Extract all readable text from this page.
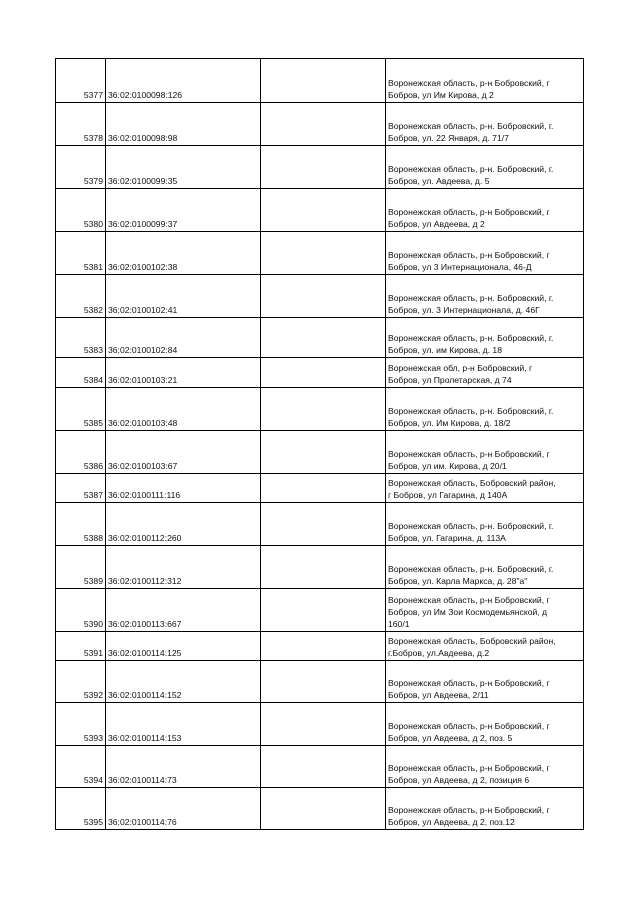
5377	36:02:0100098:126		Воронежская область, р-н Бобровский, г
Бобров, ул Им Кирова, д 2
5378	36:02:0100098:98		Воронежская область, р-н. Бобровский, г.
Бобров, ул. 22 Января, д. 71/7
5379	36:02:0100099:35		Воронежская область, р-н. Бобровский, г.
Бобров, ул. Авдеева, д. 5
5380	36:02:0100099:37		Воронежская область, р-н Бобровский, г
Бобров, ул Авдеева, д 2
5381	36:02:0100102:38		Воронежская область, р-н Бобровский, г
Бобров, ул 3 Интернационала, 46-Д
5382	36:02:0100102:41		Воронежская область, р-н. Бобровский, г.
Бобров, ул. 3 Интернационала, д. 46Г
5383	36:02:0100102:84		Воронежская область, р-н. Бобровский, г.
Бобров, ул. им Кирова, д. 18
5384	36:02:0100103:21		Воронежская обл, р-н Бобровский, г
Бобров, ул Пролетарская, д 74
5385	36:02:0100103:48		Воронежская область, р-н. Бобровский, г.
Бобров, ул. Им Кирова, д. 18/2
5386	36:02:0100103:67		Воронежская область, р-н Бобровский, г
Бобров, ул им. Кирова, д 20/1
5387	36:02:0100111:116		Воронежская область, Бобровский район,
г Бобров, ул Гагарина, д 140А
5388	36:02:0100112:260		Воронежская область, р-н. Бобровский, г.
Бобров, ул. Гагарина, д. 113А
5389	36:02:0100112:312		Воронежская область, р-н. Бобровский, г.
Бобров, ул. Карла Маркса, д. 28"а"
5390	36:02:0100113:667		Воронежская область, р-н Бобровский, г
Бобров, ул Им Зои Космодемьянской, д
160/1
5391	36:02:0100114:125		Воронежская область, Бобровский район,
г.Бобров, ул.Авдеева, д.2
5392	36:02:0100114:152		Воронежская область, р-н Бобровский, г
Бобров, ул Авдеева, 2/11
5393	36:02:0100114:153		Воронежская область, р-н Бобровский, г
Бобров, ул Авдеева, д 2, поз. 5
5394	36:02:0100114:73		Воронежская область, р-н Бобровский, г
Бобров, ул Авдеева, д 2, позиция 6
5395	36:02:0100114:76		Воронежская область, р-н Бобровский, г
Бобров, ул Авдеева, д 2, поз.12
